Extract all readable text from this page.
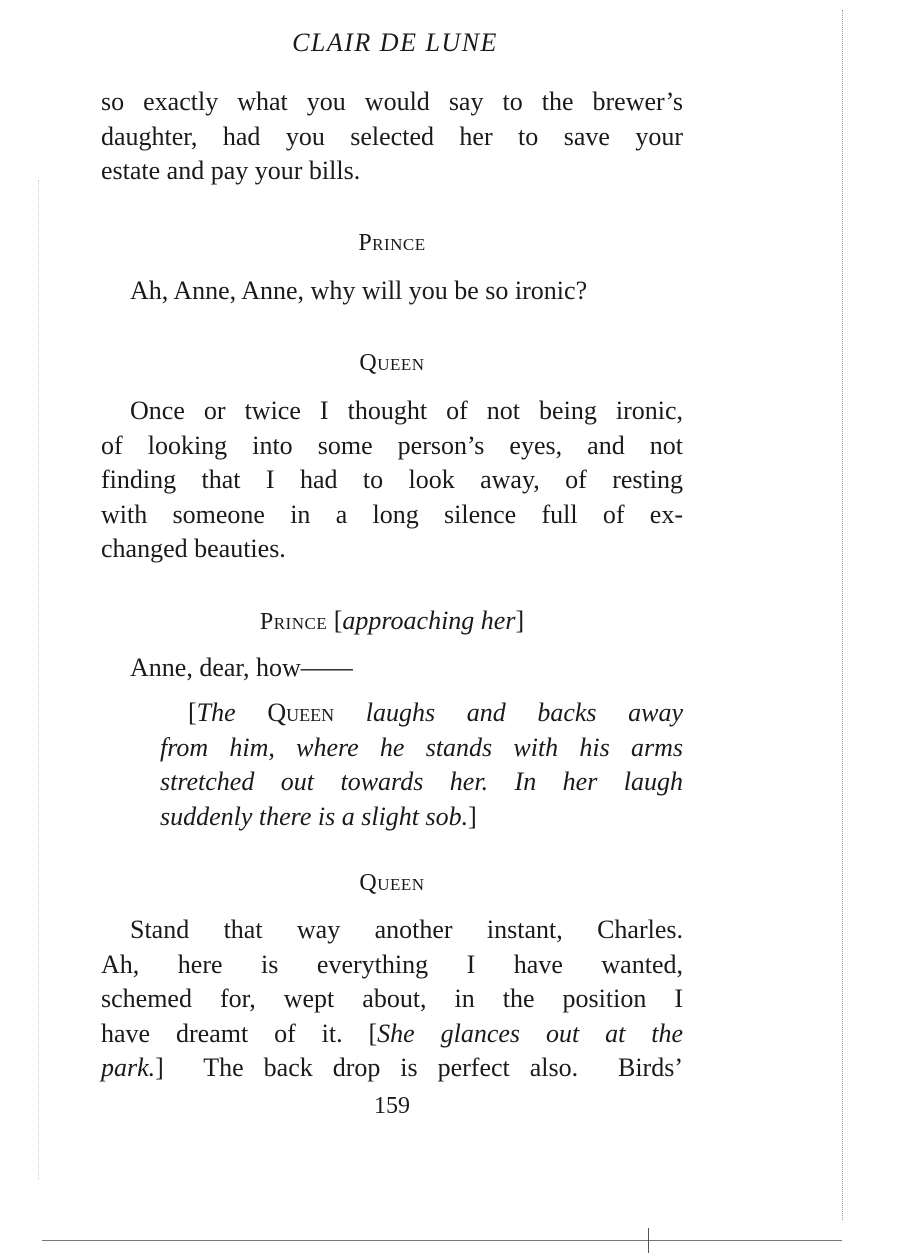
CLAIR DE LUNE
so exactly what you would say to the brewer’s
daughter, had you selected her to save your
estate and pay your bills.
Prince
Ah, Anne, Anne, why will you be so ironic?
Queen
Once or twice I thought of not being ironic,
of looking into some person’s eyes, and not
finding that I had to look away, of resting
with someone in a long silence full of ex-
changed beauties.
Prince [approaching her]
Anne, dear, how——
[The Queen laughs and backs away
from him, where he stands with his arms
stretched out towards her. In her laugh
suddenly there is a slight sob.]
Queen
Stand that way another instant, Charles.
Ah, here is everything I have wanted,
schemed for, wept about, in the position I
have dreamt of it. [She glances out at the
park.]  The back drop is perfect also.  Birds’
159
